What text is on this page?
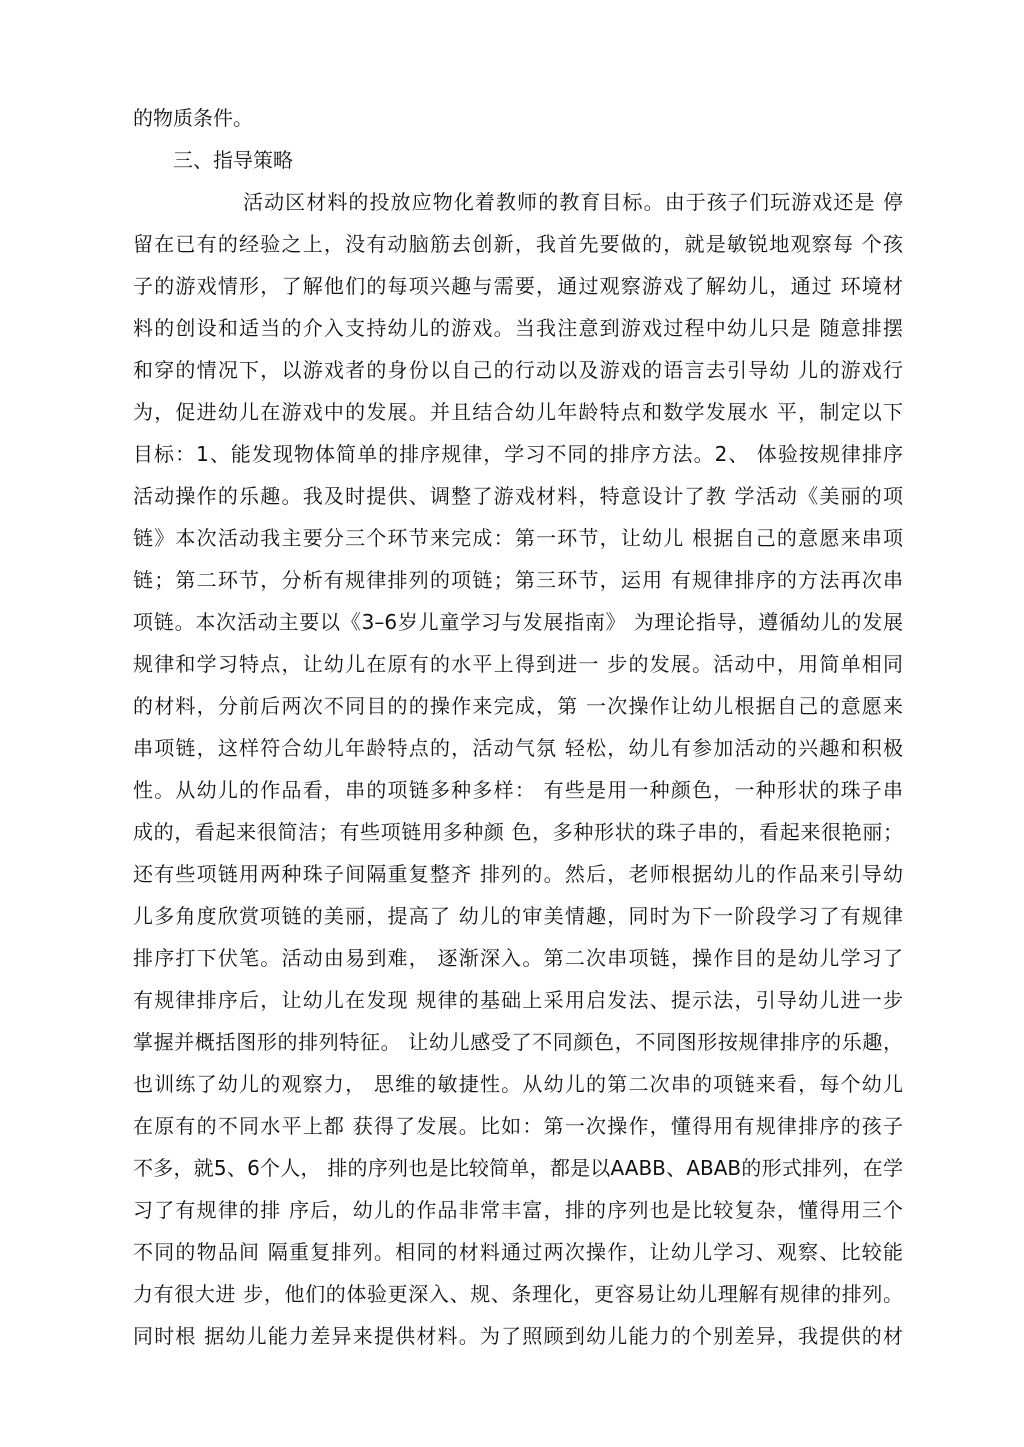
的物质条件。
三、指导策略
活动区材料的投放应物化着教师的教育目标。由于孩子们玩游戏还是 停
留在已有的经验之上，没有动脑筋去创新，我首先要做的，就是敏锐地观察每 个孩
子的游戏情形，了解他们的每项兴趣与需要，通过观察游戏了解幼儿，通过 环境材
料的创设和适当的介入支持幼儿的游戏。当我注意到游戏过程中幼儿只是 随意排摆
和穿的情况下，以游戏者的身份以自己的行动以及游戏的语言去引导幼 儿的游戏行
为，促进幼儿在游戏中的发展。并且结合幼儿年龄特点和数学发展水 平，制定以下
目标：1、能发现物体简单的排序规律，学习不同的排序方法。2、 体验按规律排序
活动操作的乐趣。我及时提供、调整了游戏材料，特意设计了教 学活动《美丽的项
链》本次活动我主要分三个环节来完成：第一环节，让幼儿 根据自己的意愿来串项
链；第二环节，分析有规律排列的项链；第三环节，运用 有规律排序的方法再次串
项链。本次活动主要以《3–6岁儿童学习与发展指南》 为理论指导，遵循幼儿的发展
规律和学习特点，让幼儿在原有的水平上得到进一 步的发展。活动中，用简单相同
的材料，分前后两次不同目的的操作来完成，第 一次操作让幼儿根据自己的意愿来
串项链，这样符合幼儿年龄特点的，活动气氛 轻松，幼儿有参加活动的兴趣和积极
性。从幼儿的作品看，串的项链多种多样： 有些是用一种颜色，一种形状的珠子串
成的，看起来很简洁；有些项链用多种颜 色，多种形状的珠子串的，看起来很艳丽；
还有些项链用两种珠子间隔重复整齐 排列的。然后，老师根据幼儿的作品来引导幼
儿多角度欣赏项链的美丽，提高了 幼儿的审美情趣，同时为下一阶段学习了有规律
排序打下伏笔。活动由易到难， 逐渐深入。第二次串项链，操作目的是幼儿学习了
有规律排序后，让幼儿在发现 规律的基础上采用启发法、提示法，引导幼儿进一步
掌握并概括图形的排列特征。 让幼儿感受了不同颜色，不同图形按规律排序的乐趣，
也训练了幼儿的观察力， 思维的敏捷性。从幼儿的第二次串的项链来看，每个幼儿
在原有的不同水平上都 获得了发展。比如：第一次操作，懂得用有规律排序的孩子
不多，就5、6个人， 排的序列也是比较简单，都是以AABB、ABAB的形式排列，在学
习了有规律的排 序后，幼儿的作品非常丰富，排的序列也是比较复杂，懂得用三个
不同的物品间 隔重复排列。相同的材料通过两次操作，让幼儿学习、观察、比较能
力有很大进 步，他们的体验更深入、规、条理化，更容易让幼儿理解有规律的排列。
同时根 据幼儿能力差异来提供材料。为了照顾到幼儿能力的个别差异，我提供的材
